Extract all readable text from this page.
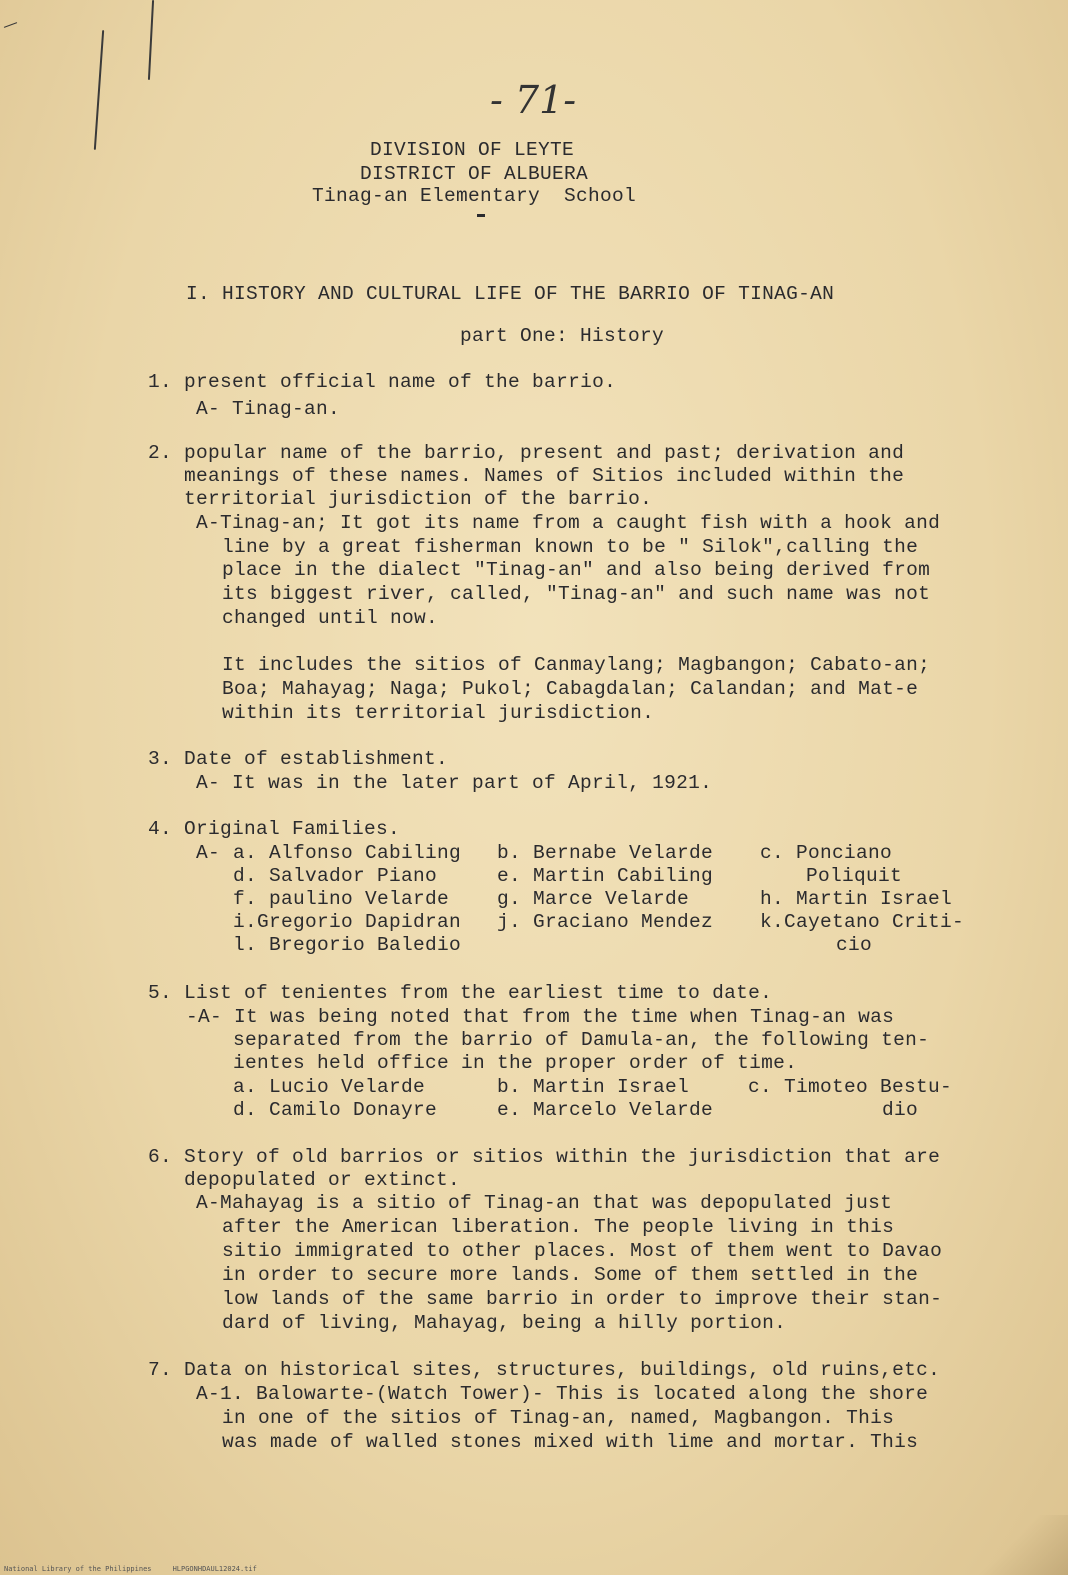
- 71-
DIVISION OF LEYTE
DISTRICT OF ALBUERA
Tinag-an Elementary  School
I. HISTORY AND CULTURAL LIFE OF THE BARRIO OF TINAG-AN
part One: History
1. present official name of the barrio.
A- Tinag-an.
2. popular name of the barrio, present and past; derivation and
meanings of these names. Names of Sitios included within the
territorial jurisdiction of the barrio.
A-Tinag-an; It got its name from a caught fish with a hook and
line by a great fisherman known to be " Silok",calling the
place in the dialect "Tinag-an" and also being derived from
its biggest river, called, "Tinag-an" and such name was not
changed until now.
It includes the sitios of Canmaylang; Magbangon; Cabato-an;
Boa; Mahayag; Naga; Pukol; Cabagdalan; Calandan; and Mat-e
within its territorial jurisdiction.
3. Date of establishment.
A- It was in the later part of April, 1921.
4. Original Families.
A- a. Alfonso Cabiling b. Bernabe Velarde c. Ponciano
d. Salvador Piano	e. Martin Cabiling	Poliquit
f. paulino Velarde g. Marce Velarde	h. Martin Israel
i.Gregorio Dapidran j. Graciano Mendez k.Cayetano Criti-
l. Bregorio Baledio	cio
5. List of tenientes from the earliest time to date.
-A- It was being noted that from the time when Tinag-an was
separated from the barrio of Damula-an, the following ten-
ientes held office in the proper order of time.
a. Lucio Velarde	b. Martin Israel	c. Timoteo Bestu-
d. Camilo Donayre	e. Marcelo Velarde	dio
6. Story of old barrios or sitios within the jurisdiction that are
depopulated or extinct.
A-Mahayag is a sitio of Tinag-an that was depopulated just
after the American liberation. The people living in this
sitio immigrated to other places. Most of them went to Davao
in order to secure more lands. Some of them settled in the
low lands of the same barrio in order to improve their stan-
dard of living, Mahayag, being a hilly portion.
7. Data on historical sites, structures, buildings, old ruins,etc.
A-1. Balowarte-(Watch Tower)- This is located along the shore
in one of the sitios of Tinag-an, named, Magbangon. This
was made of walled stones mixed with lime and mortar. This
National Library of the Philippines     HLPGONHDAUL12024.tif
